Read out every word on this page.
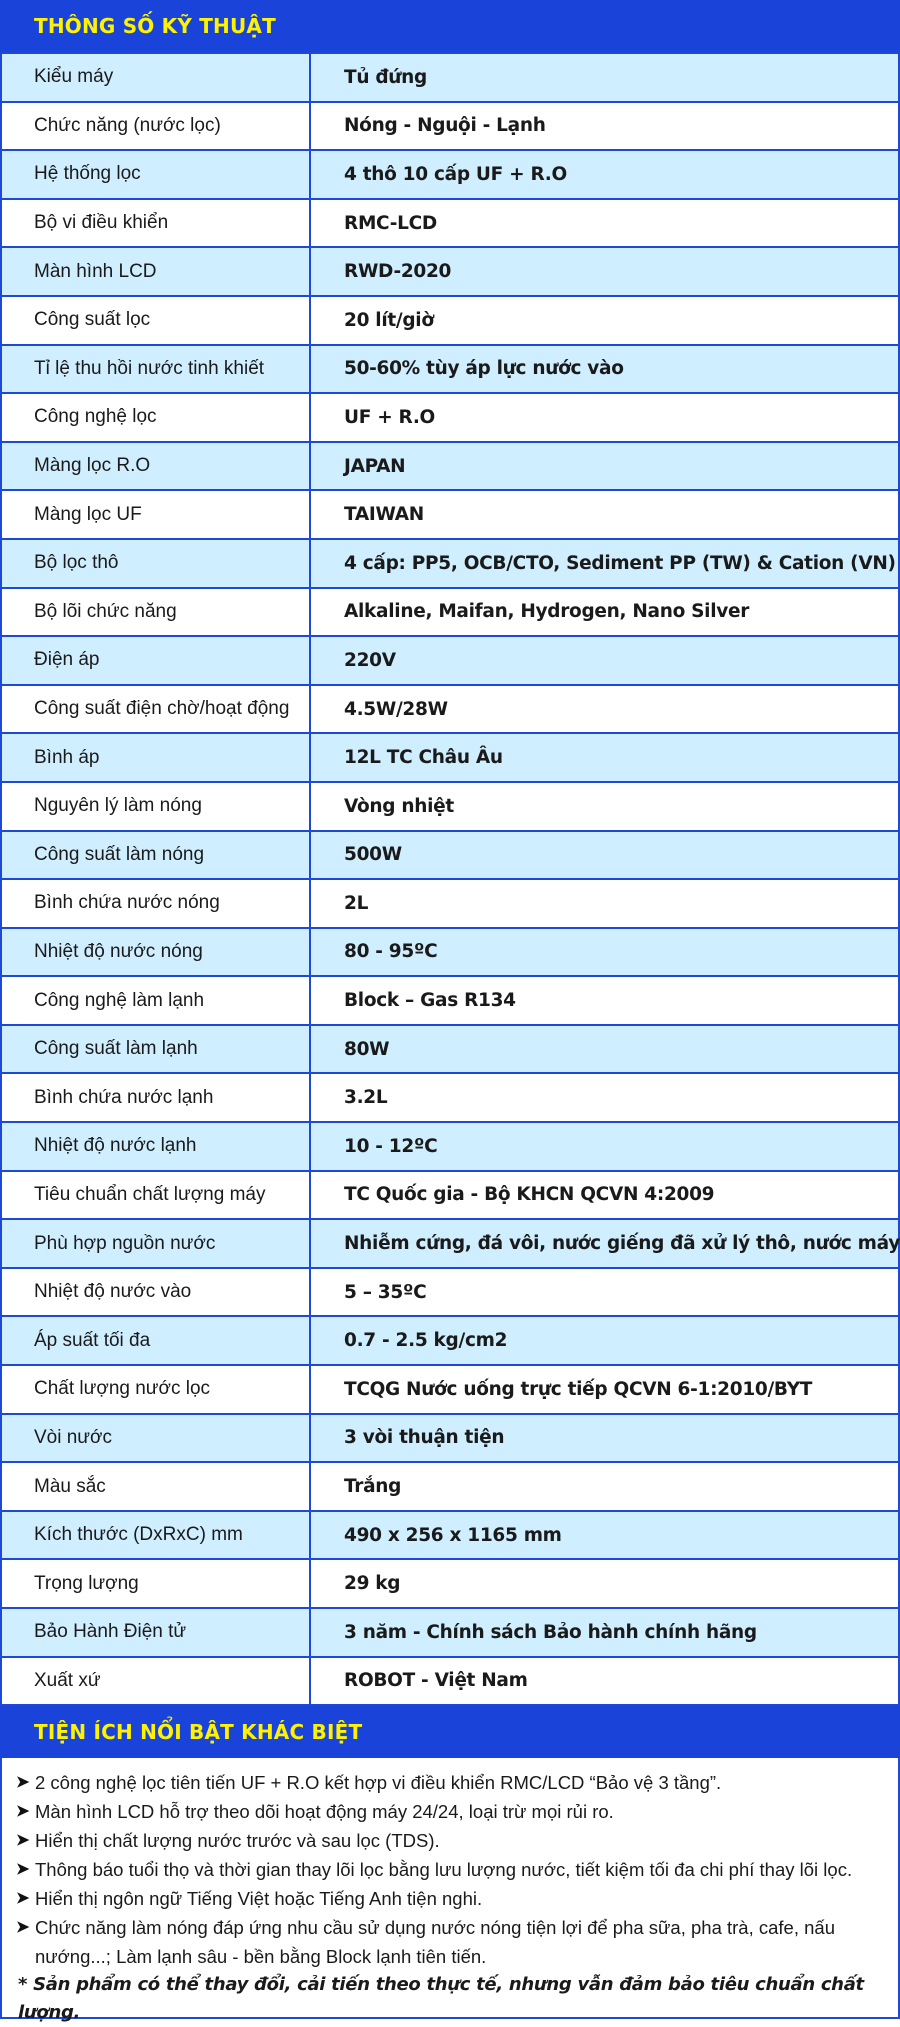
THÔNG SỐ KỸ THUẬT
Kiểu máy	Tủ đứng
Chức năng (nước lọc)	Nóng - Nguội - Lạnh
Hệ thống lọc	4 thô 10 cấp UF + R.O
Bộ vi điều khiển	RMC-LCD
Màn hình LCD	RWD-2020
Công suất lọc	20 lít/giờ
Tỉ lệ thu hồi nước tinh khiết	50-60% tùy áp lực nước vào
Công nghệ lọc	UF + R.O
Màng lọc R.O	JAPAN
Màng lọc UF	TAIWAN
Bộ lọc thô	4 cấp: PP5, OCB/CTO, Sediment PP (TW) & Cation (VN)
Bộ lõi chức năng	Alkaline, Maifan, Hydrogen, Nano Silver
Điện áp	220V
Công suất điện chờ/hoạt động	4.5W/28W
Bình áp	12L TC Châu Âu
Nguyên lý làm nóng	Vòng nhiệt
Công suất làm nóng	500W
Bình chứa nước nóng	2L
Nhiệt độ nước nóng	80 - 95ºC
Công nghệ làm lạnh	Block – Gas R134
Công suất làm lạnh	80W
Bình chứa nước lạnh	3.2L
Nhiệt độ nước lạnh	10 - 12ºC
Tiêu chuẩn chất lượng máy	TC Quốc gia - Bộ KHCN QCVN 4:2009
Phù hợp nguồn nước	Nhiễm cứng, đá vôi, nước giếng đã xử lý thô, nước máy
Nhiệt độ nước vào	5 – 35ºC
Áp suất tối đa	0.7 - 2.5 kg/cm2
Chất lượng nước lọc	TCQG Nước uống trực tiếp QCVN 6-1:2010/BYT
Vòi nước	3 vòi thuận tiện
Màu sắc	Trắng
Kích thước (DxRxC) mm	490 x 256 x 1165 mm
Trọng lượng	29 kg
Bảo Hành Điện tử	3 năm - Chính sách Bảo hành chính hãng
Xuất xứ	ROBOT - Việt Nam
TIỆN ÍCH NỔI BẬT KHÁC BIỆT
➤ 2 công nghệ lọc tiên tiến UF + R.O kết hợp vi điều khiển RMC/LCD “Bảo vệ 3 tầng”.
➤ Màn hình LCD hỗ trợ theo dõi hoạt động máy 24/24, loại trừ mọi rủi ro.
➤ Hiển thị chất lượng nước trước và sau lọc (TDS).
➤ Thông báo tuổi thọ và thời gian thay lõi lọc bằng lưu lượng nước, tiết kiệm tối đa chi phí thay lõi lọc.
➤ Hiển thị ngôn ngữ Tiếng Việt hoặc Tiếng Anh tiện nghi.
➤ Chức năng làm nóng đáp ứng nhu cầu sử dụng nước nóng tiện lợi để pha sữa, pha trà, cafe, nấu nướng...; Làm lạnh sâu - bền bằng Block lạnh tiên tiến.
* Sản phẩm có thể thay đổi, cải tiến theo thực tế, nhưng vẫn đảm bảo tiêu chuẩn chất lượng.
